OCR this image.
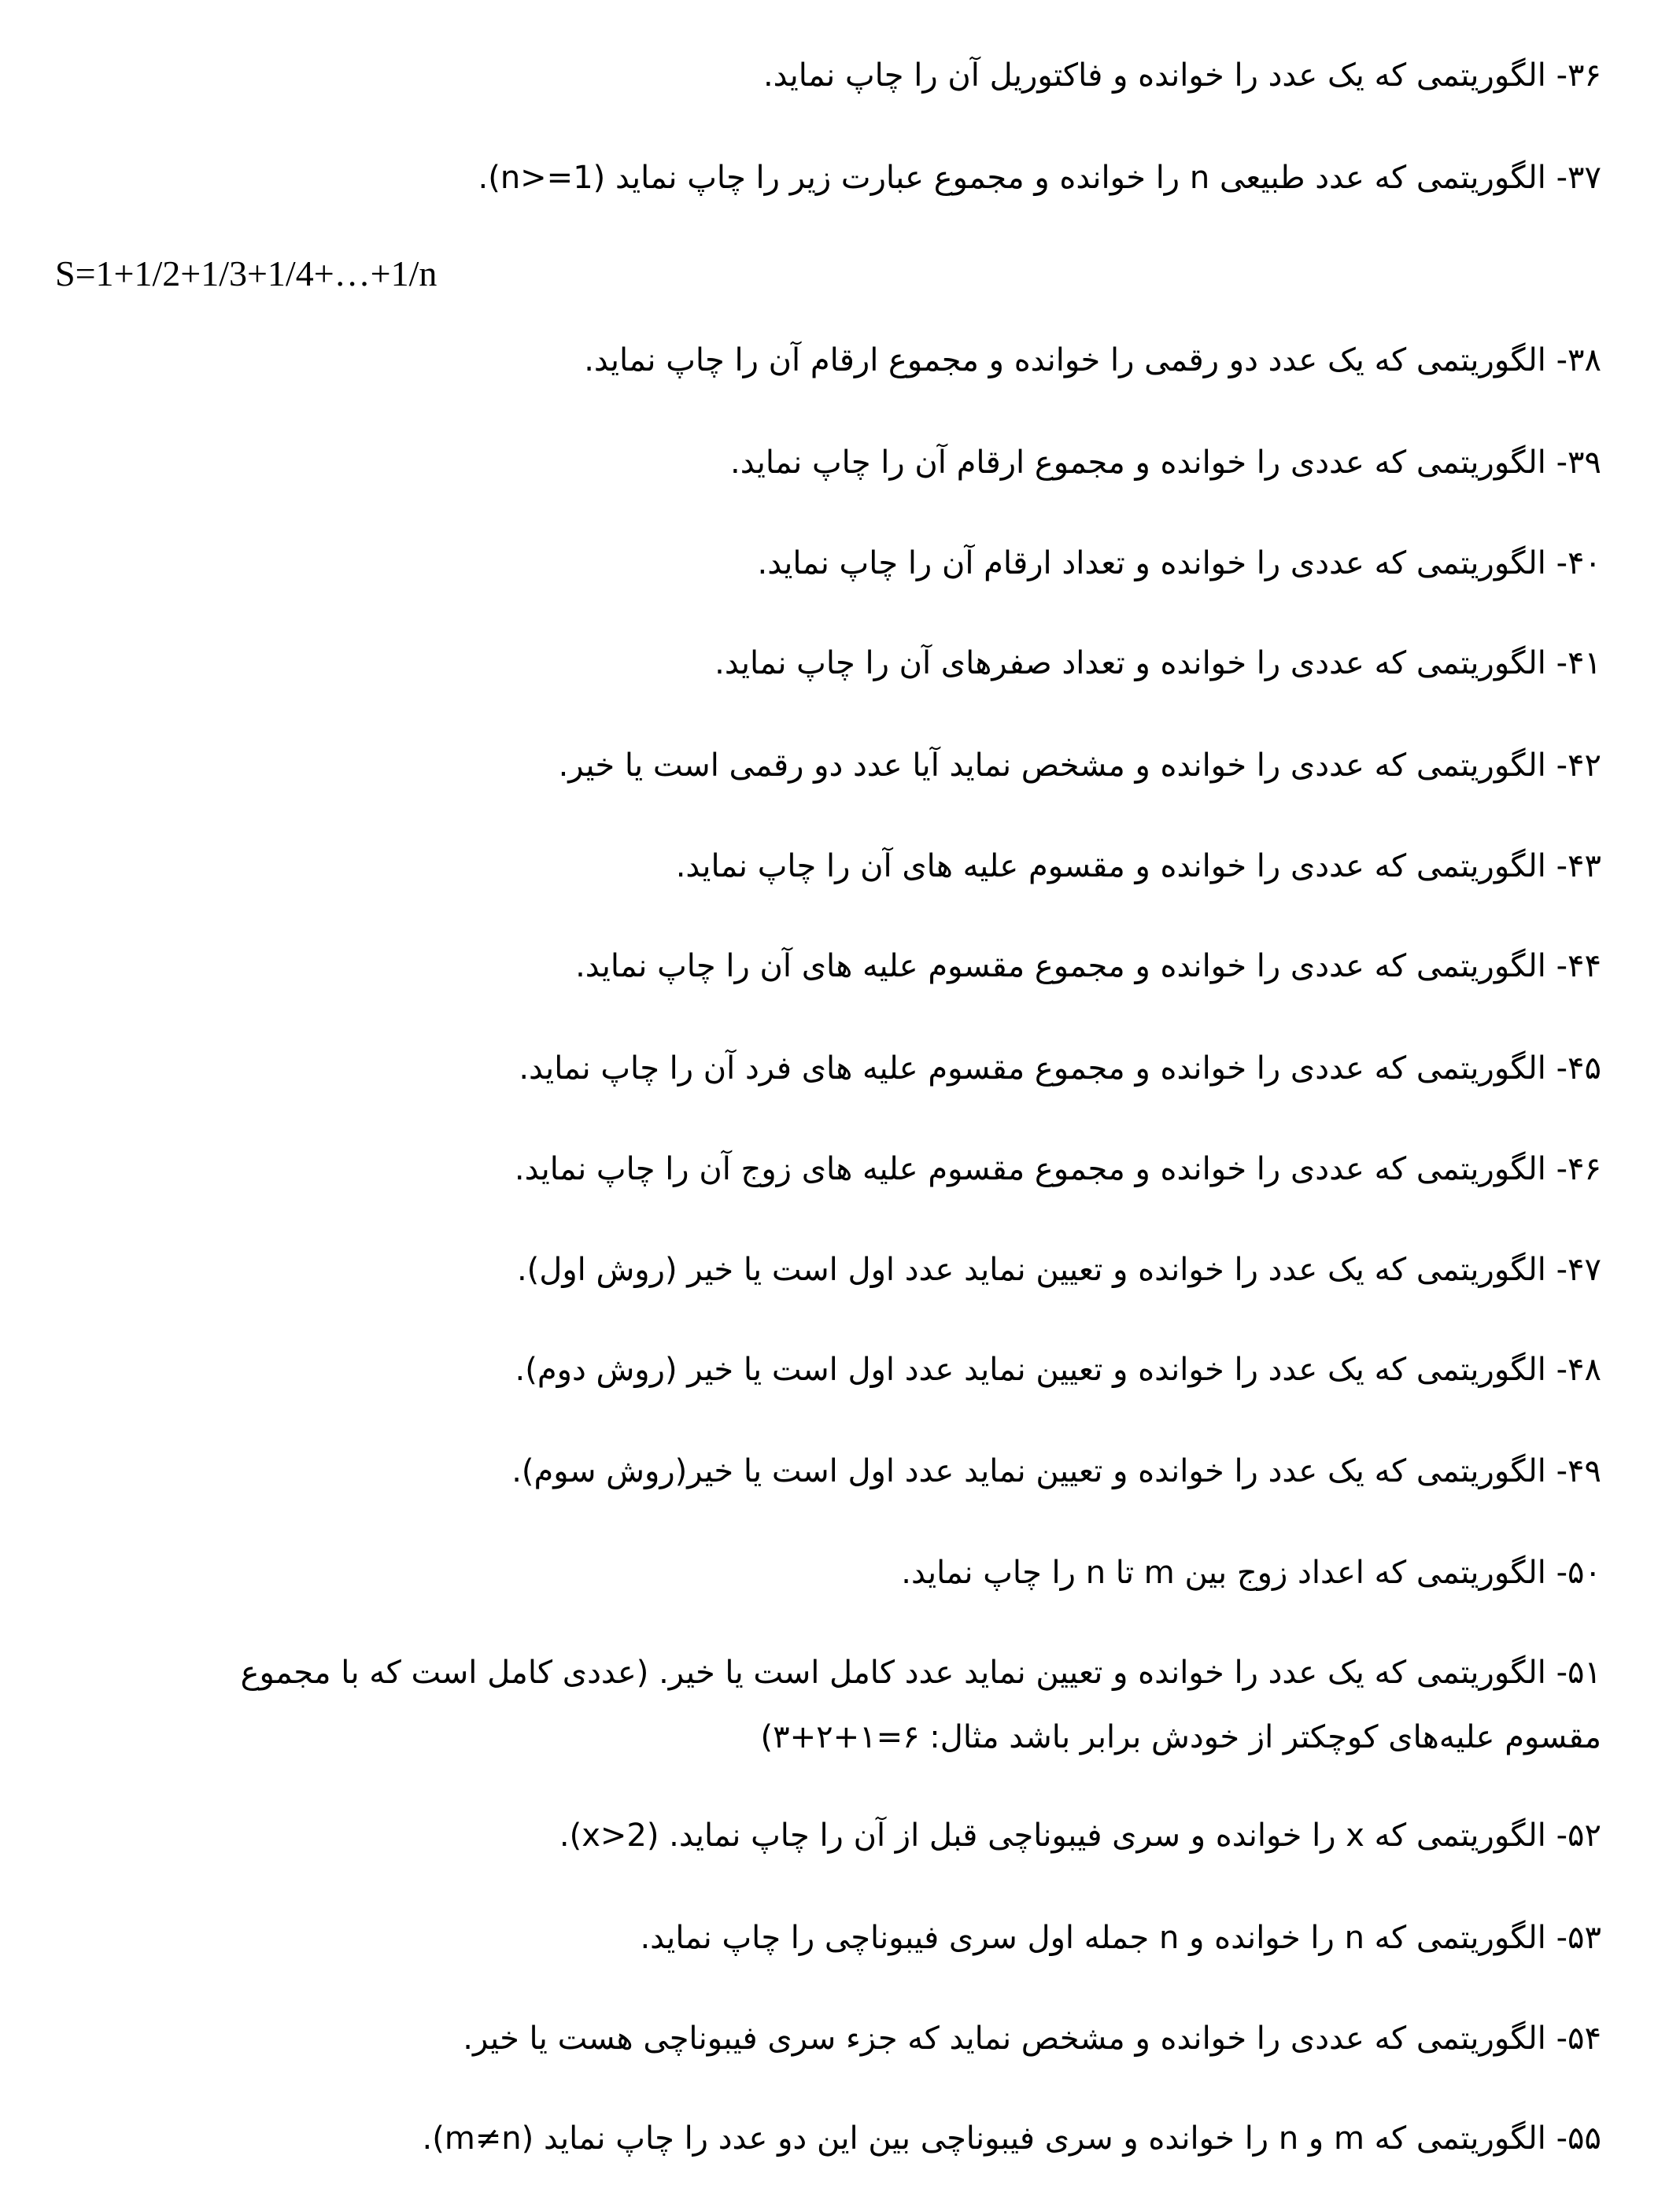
۳۶- الگوریتمی که یک عدد را خوانده و فاکتوریل آن را چاپ نماید.
۳۷- الگوریتمی که عدد طبیعی n را خوانده و مجموع عبارت زیر را چاپ نماید (n>=1).
S=1+1/2+1/3+1/4+…+1/n
۳۸- الگوریتمی که یک عدد دو رقمی را خوانده و مجموع ارقام آن را چاپ نماید.
۳۹- الگوریتمی که عددی را خوانده و مجموع ارقام آن را چاپ نماید.
۴۰- الگوریتمی که عددی را خوانده و تعداد ارقام آن را چاپ نماید.
۴۱- الگوریتمی که عددی را خوانده و تعداد صفرهای آن را چاپ نماید.
۴۲- الگوریتمی که عددی را خوانده و مشخص نماید آیا عدد دو رقمی است یا خیر.
۴۳- الگوریتمی که عددی را خوانده و مقسوم علیه های آن را چاپ نماید.
۴۴- الگوریتمی که عددی را خوانده و مجموع مقسوم علیه های آن را چاپ نماید.
۴۵- الگوریتمی که عددی را خوانده و مجموع مقسوم علیه های فرد آن را چاپ نماید.
۴۶- الگوریتمی که عددی را خوانده و مجموع مقسوم علیه های زوج آن را چاپ نماید.
۴۷- الگوریتمی که یک عدد را خوانده و تعیین نماید عدد اول است یا خیر (روش اول).
۴۸- الگوریتمی که یک عدد را خوانده و تعیین نماید عدد اول است یا خیر (روش دوم).
۴۹- الگوریتمی که یک عدد را خوانده و تعیین نماید عدد اول است یا خیر(روش سوم).
۵۰- الگوریتمی که اعداد زوج بین m تا n را چاپ نماید.
۵۱- الگوریتمی که یک عدد را خوانده و تعیین نماید عدد کامل است یا خیر. (عددی کامل است که با مجموع
مقسوم علیه‌های کوچکتر از خودش برابر باشد مثال: ۶=۱+۲+۳)
۵۲- الگوریتمی که x را خوانده و سری فیبوناچی قبل از آن را چاپ نماید. (x>2).
۵۳- الگوریتمی که n را خوانده و n جمله اول سری فیبوناچی را چاپ نماید.
۵۴- الگوریتمی که عددی را خوانده و مشخص نماید که جزء سری فیبوناچی هست یا خیر.
۵۵- الگوریتمی که m و n را خوانده و سری فیبوناچی بین این دو عدد را چاپ نماید (m≠n).
